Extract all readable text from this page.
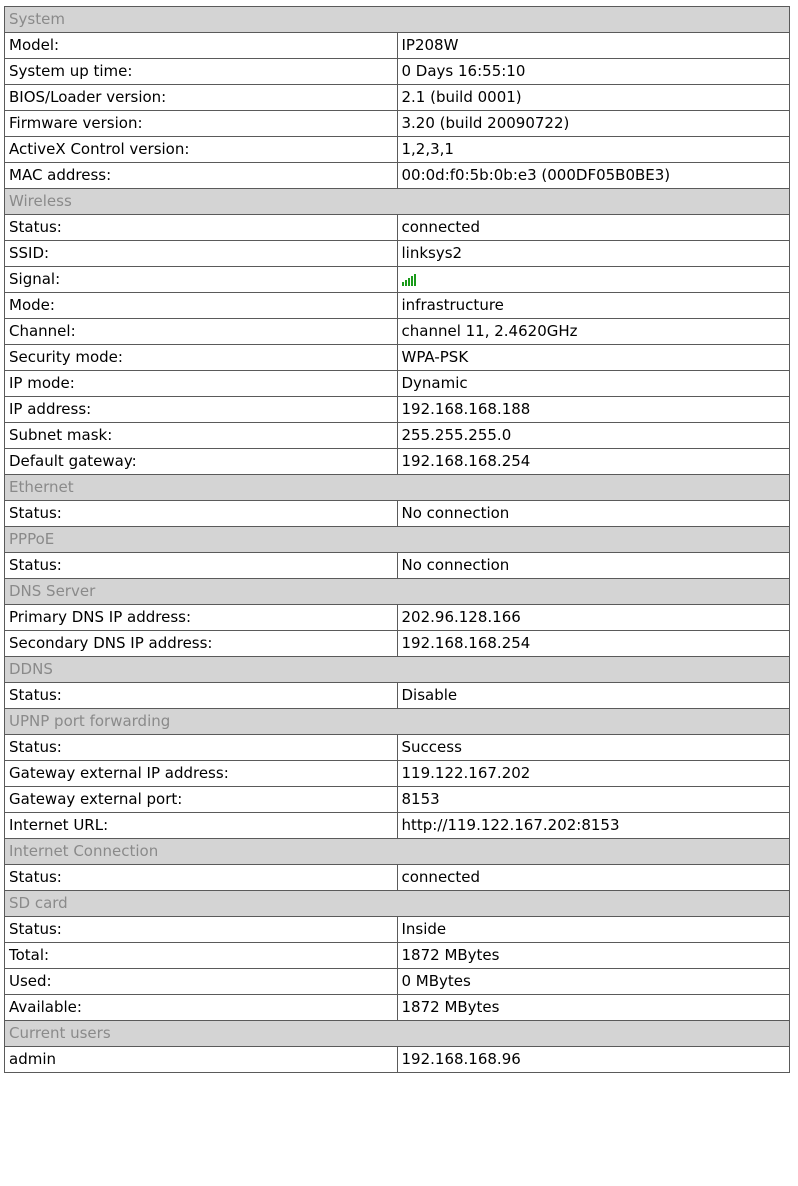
System	
Model:	IP208W
System up time:	0 Days 16:55:10
BIOS/Loader version:	2.1 (build 0001)
Firmware version:	3.20 (build 20090722)
ActiveX Control version:	1,2,3,1
MAC address:	00:0d:f0:5b:0b:e3 (000DF05B0BE3)
Wireless	
Status:	connected
SSID:	linksys2
Signal:	

Mode:	infrastructure
Channel:	channel 11, 2.4620GHz
Security mode:	WPA-PSK
IP mode:	Dynamic
IP address:	192.168.168.188
Subnet mask:	255.255.255.0
Default gateway:	192.168.168.254
Ethernet	
Status:	No connection
PPPoE	
Status:	No connection
DNS Server	
Primary DNS IP address:	202.96.128.166
Secondary DNS IP address:	192.168.168.254
DDNS	
Status:	Disable
UPNP port forwarding	
Status:	Success
Gateway external IP address:	119.122.167.202
Gateway external port:	8153
Internet URL:	http://119.122.167.202:8153
Internet Connection	
Status:	connected
SD card	
Status:	Inside
Total:	1872 MBytes
Used:	0 MBytes
Available:	1872 MBytes
Current users	
admin	192.168.168.96
